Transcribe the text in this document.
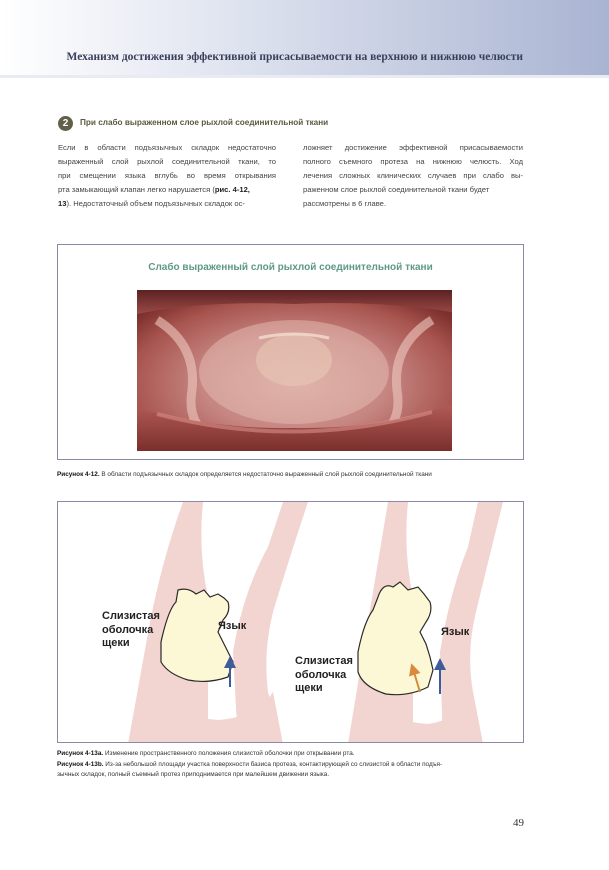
Механизм достижения эффективной присасываемости на верхнюю и нижнюю челюсти
2	При слабо выраженном слое рыхлой соединительной ткани
Если в области подъязычных складок недостаточно
выраженный слой рыхлой соединительной ткани, то
при смещении языка вглубь во время открывания
рта замыкающий клапан легко нарушается (рис. 4-12,
13). Недостаточный объем подъязычных складок ос-
ложняет достижение эффективной присасываемости
полного съемного протеза на нижнюю челюсть. Ход
лечения сложных клинических случаев при слабо вы-
раженном слое рыхлой соединительной ткани будет
рассмотрены в 6 главе.
Слабо выраженный слой рыхлой соединительной ткани
Рисунок 4-12. В области подъязычных складок определяется недостаточно выраженный слой рыхлой соединительной ткани
Слизистая
оболочка
щеки
Язык
Слизистая
оболочка
щеки
Язык
Рисунок 4-13a. Изменение пространственного положения слизистой оболочки при открывании рта.
Рисунок 4-13b. Из-за небольшой площади участка поверхности базиса протеза, контактирующей со слизистой в области подъя-
зычных складок, полный съемный протез приподнимается при малейшем движении языка.
49
